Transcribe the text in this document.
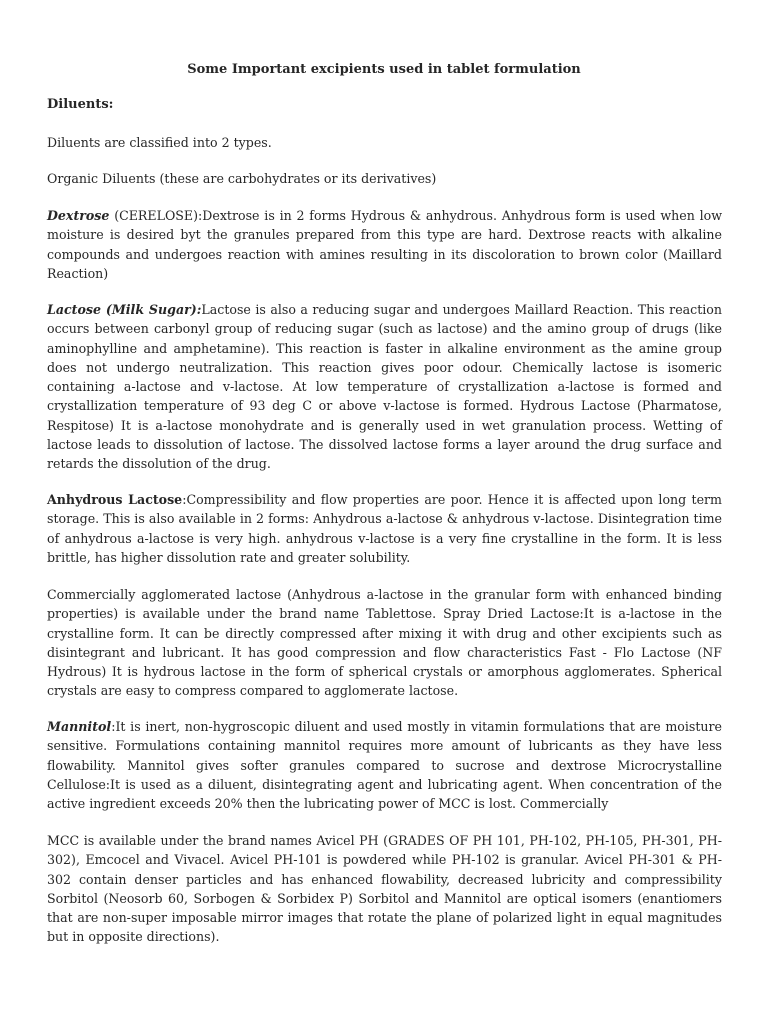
Some Important excipients used in tablet formulation
Diluents:

Diluents are classified into 2 types.

Organic Diluents (these are carbohydrates or its derivatives)

Dextrose (CERELOSE):Dextrose is in 2 forms Hydrous & anhydrous. Anhydrous form is used when low moisture is desired byt the granules prepared from this type are hard. Dextrose reacts with alkaline compounds and undergoes reaction with amines resulting in its discoloration to brown color (Maillard Reaction)

Lactose (Milk Sugar):Lactose is also a reducing sugar and undergoes Maillard Reaction. This reaction occurs between carbonyl group of reducing sugar (such as lactose) and the amino group of drugs (like aminophylline and amphetamine). This reaction is faster in alkaline environment as the amine group does not undergo neutralization. This reaction gives poor odour. Chemically lactose is isomeric containing a-lactose and v-lactose. At low temperature of crystallization a-lactose is formed and crystallization temperature of 93 deg C or above v-lactose is formed. Hydrous Lactose (Pharmatose, Respitose) It is a-lactose monohydrate and is generally used in wet granulation process. Wetting of lactose leads to dissolution of lactose. The dissolved lactose forms a layer around the drug surface and retards the dissolution of the drug.

Anhydrous Lactose:Compressibility and flow properties are poor. Hence it is affected upon long term storage. This is also available in 2 forms: Anhydrous a-lactose & anhydrous v-lactose. Disintegration time of anhydrous a-lactose is very high. anhydrous v-lactose is a very fine crystalline in the form. It is less brittle, has higher dissolution rate and greater solubility.

Commercially agglomerated lactose (Anhydrous a-lactose in the granular form with enhanced binding properties) is available under the brand name Tablettose. Spray Dried Lactose:It is a-lactose in the crystalline form. It can be directly compressed after mixing it with drug and other excipients such as disintegrant and lubricant. It has good compression and flow characteristics Fast - Flo Lactose (NF Hydrous) It is hydrous lactose in the form of spherical crystals or amorphous agglomerates. Spherical crystals are easy to compress compared to agglomerate lactose.

Mannitol:It is inert, non-hygroscopic diluent and used mostly in vitamin formulations that are moisture sensitive. Formulations containing mannitol requires more amount of lubricants as they have less flowability. Mannitol gives softer granules compared to sucrose and dextrose Microcrystalline Cellulose:It is used as a diluent, disintegrating agent and lubricating agent. When concentration of the active ingredient exceeds 20% then the lubricating power of MCC is lost. Commercially

MCC is available under the brand names Avicel PH (GRADES OF PH 101, PH-102, PH-105, PH-301, PH-302), Emcocel and Vivacel. Avicel PH-101 is powdered while PH-102 is granular. Avicel PH-301 & PH-302 contain denser particles and has enhanced flowability, decreased lubricity and compressibility Sorbitol (Neosorb 60, Sorbogen & Sorbidex P) Sorbitol and Mannitol are optical isomers (enantiomers that are non-super imposable mirror images that rotate the plane of polarized light in equal magnitudes but in opposite directions).
